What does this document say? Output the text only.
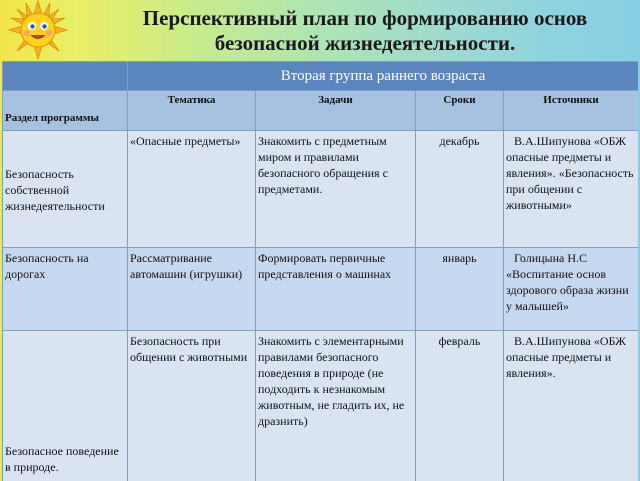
Перспективный план по формированию основ
безопасной жизнедеятельности.
	Вторая группа раннего возраста			
Раздел программы	Тематика	Задачи	Сроки	Источники
Безопасность собственной жизнедеятельности	«Опасные предметы»	Знакомить с предметным миром и правилами безопасного обращения с предметами.	декабрь	В.А.Шипунова «ОБЖ опасные предметы и явления». «Безопасность при общении с животными»
Безопасность на дорогах	Рассматривание автомашин (игрушки)	Формировать первичные представления о машинах	январь	Голицына Н.С «Воспитание основ здорового образа жизни у малышей»
Безопасное поведение в природе.	Безопасность при общении с животными	Знакомить с элементарными правилами безопасного поведения в природе (не подходить к незнакомым животным, не гладить их, не дразнить)	февраль	В.А.Шипунова «ОБЖ опасные предметы и явления».
